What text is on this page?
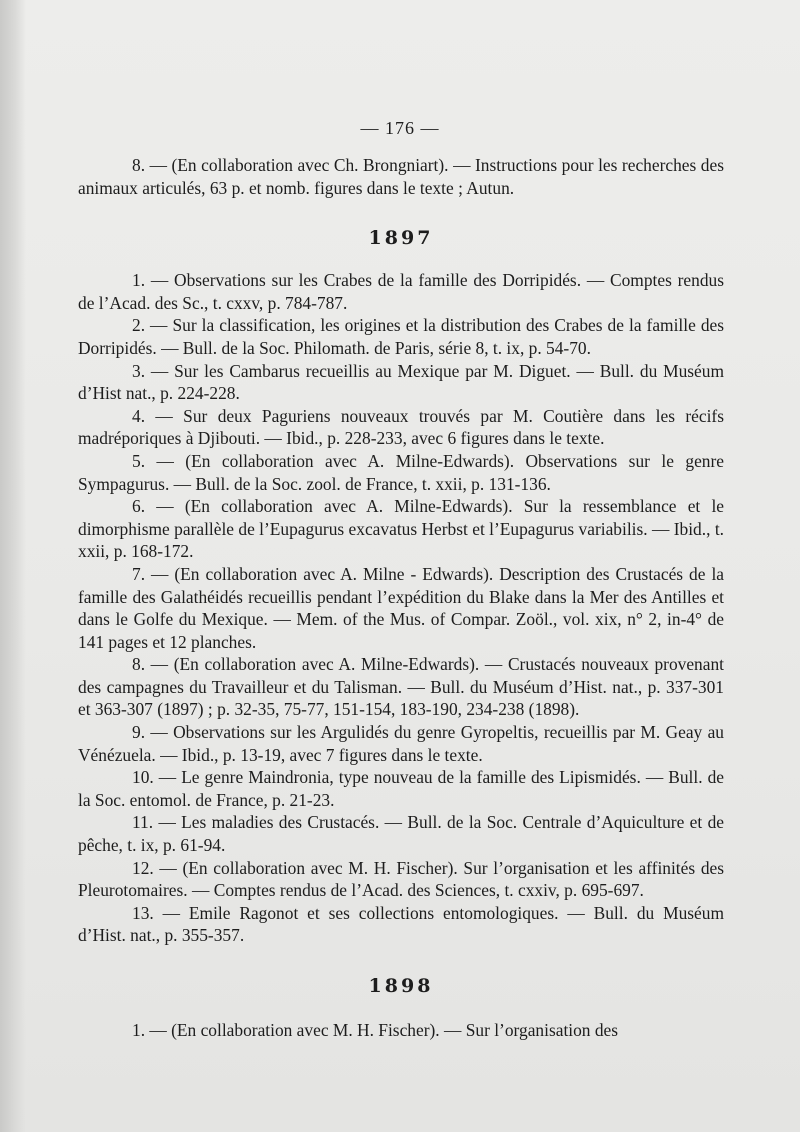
— 176 —

8. — (En collaboration avec Ch. Brongniart). — Instructions pour les recherches des animaux articulés, 63 p. et nomb. figures dans le texte ; Autun.

1897

1. — Observations sur les Crabes de la famille des Dorripidés. — Comptes rendus de l’Acad. des Sc., t. cxxv, p. 784-787.

2. — Sur la classification, les origines et la distribution des Crabes de la famille des Dorripidés. — Bull. de la Soc. Philomath. de Paris, série 8, t. ix, p. 54-70.

3. — Sur les Cambarus recueillis au Mexique par M. Diguet. — Bull. du Muséum d’Hist nat., p. 224-228.

4. — Sur deux Paguriens nouveaux trouvés par M. Coutière dans les récifs madréporiques à Djibouti. — Ibid., p. 228-233, avec 6 figures dans le texte.

5. — (En collaboration avec A. Milne-Edwards). Observations sur le genre Sympagurus. — Bull. de la Soc. zool. de France, t. xxii, p. 131-136.

6. — (En collaboration avec A. Milne-Edwards). Sur la ressemblance et le dimorphisme parallèle de l’Eupagurus excavatus Herbst et l’Eupagurus variabilis. — Ibid., t. xxii, p. 168-172.

7. — (En collaboration avec A. Milne - Edwards). Description des Crustacés de la famille des Galathéidés recueillis pendant l’expédition du Blake dans la Mer des Antilles et dans le Golfe du Mexique. — Mem. of the Mus. of Compar. Zoöl., vol. xix, n° 2, in-4° de 141 pages et 12 planches.

8. — (En collaboration avec A. Milne-Edwards). — Crustacés nouveaux provenant des campagnes du Travailleur et du Talisman. — Bull. du Muséum d’Hist. nat., p. 337-301 et 363-307 (1897) ; p. 32-35, 75-77, 151-154, 183-190, 234-238 (1898).

9. — Observations sur les Argulidés du genre Gyropeltis, recueillis par M. Geay au Vénézuela. — Ibid., p. 13-19, avec 7 figures dans le texte.

10. — Le genre Maindronia, type nouveau de la famille des Lipismidés. — Bull. de la Soc. entomol. de France, p. 21-23.

11. — Les maladies des Crustacés. — Bull. de la Soc. Centrale d’Aquiculture et de pêche, t. ix, p. 61-94.

12. — (En collaboration avec M. H. Fischer). Sur l’organisation et les affinités des Pleurotomaires. — Comptes rendus de l’Acad. des Sciences, t. cxxiv, p. 695-697.

13. — Emile Ragonot et ses collections entomologiques. — Bull. du Muséum d’Hist. nat., p. 355-357.

1898

1. — (En collaboration avec M. H. Fischer). — Sur l’organisation des
